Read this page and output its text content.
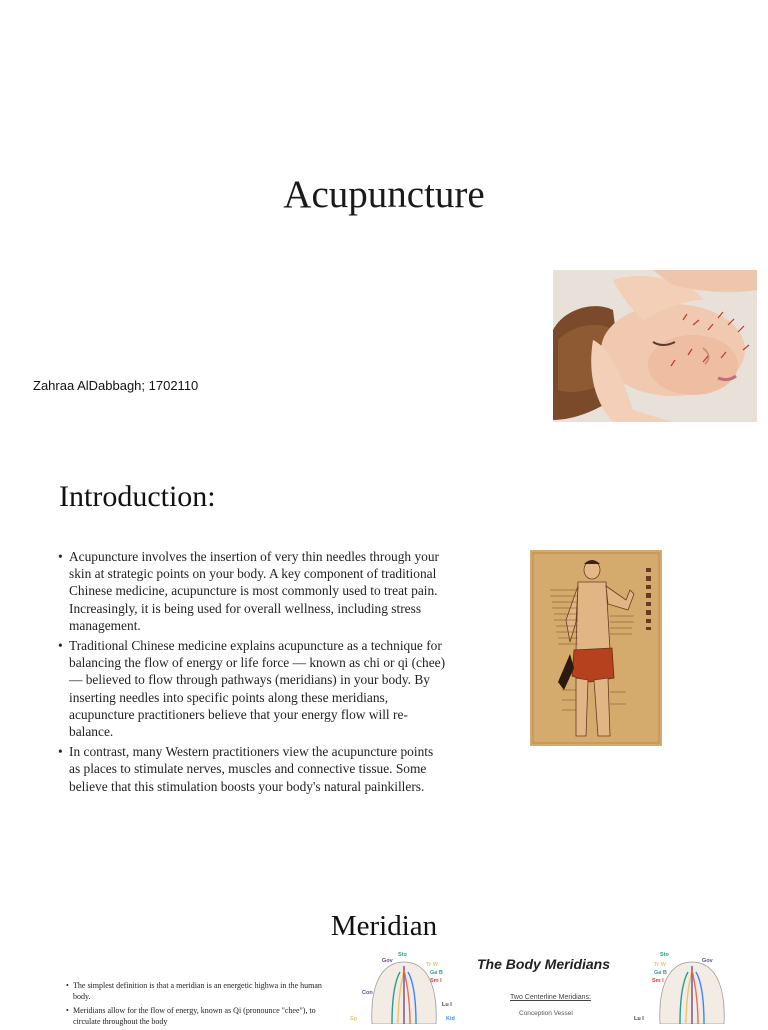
Acupuncture
Zahraa AlDabbagh; 1702110
Introduction:
• Acupuncture involves the insertion of very thin needles through your skin at strategic points on your body. A key component of traditional Chinese medicine, acupuncture is most commonly used to treat pain. Increasingly, it is being used for overall wellness, including stress management.
• Traditional Chinese medicine explains acupuncture as a technique for balancing the flow of energy or life force — known as chi or qi (chee) — believed to flow through pathways (meridians) in your body. By inserting needles into specific points along these meridians, acupuncture practitioners believe that your energy flow will re-balance.
• In contrast, many Western practitioners view the acupuncture points as places to stimulate nerves, muscles and connective tissue. Some believe that this stimulation boosts your body's natural painkillers.
Meridian
• The simplest definition is that a meridian is an energetic highwa in the human body.
• Meridians allow for the flow of energy, known as Qi (pronounce "chee"), to circulate throughout the body
The Body Meridians
Two Centerline Meridians:
Conception Vessel
Gov
Sto
Tr W
Ga B
Sm I
Con
Lu I
Sp	Kid
Sto
Gov
Tr W
Ga B
Sm I
Lu I
